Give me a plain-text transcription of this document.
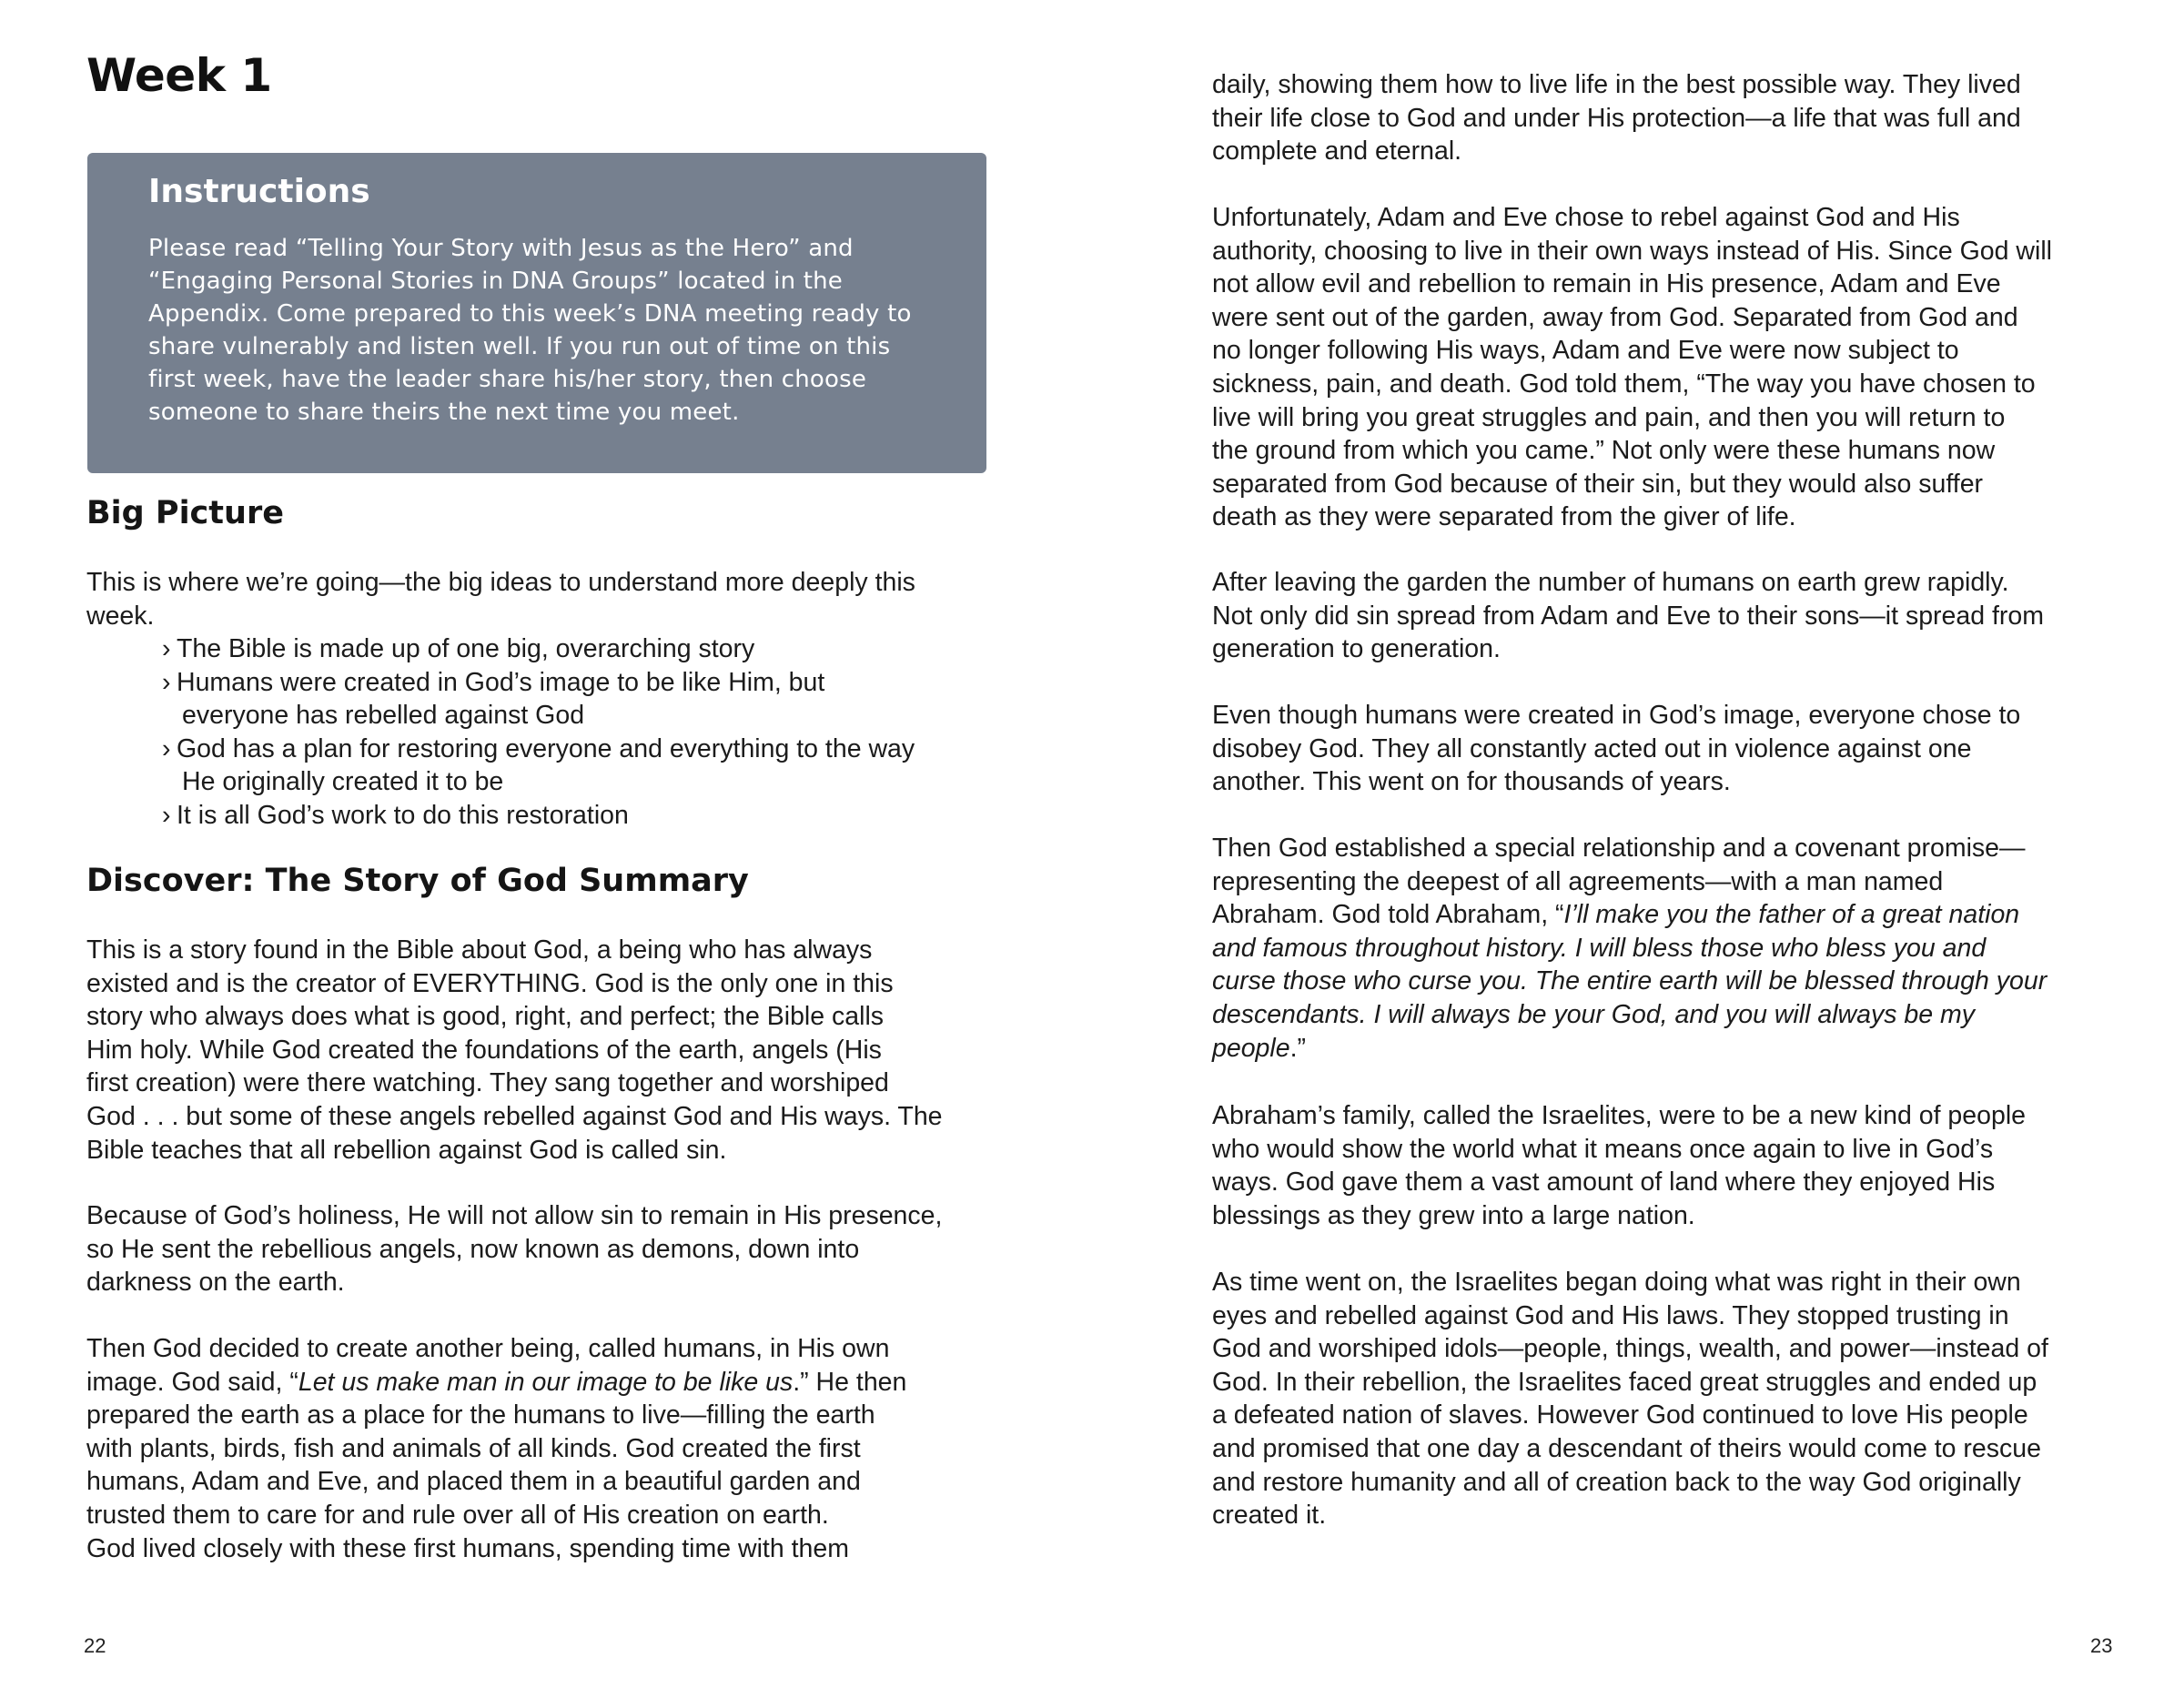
Week 1
Instructions
Please read “Telling Your Story with Jesus as the Hero” and
“Engaging Personal Stories in DNA Groups” located in the
Appendix. Come prepared to this week’s DNA meeting ready to
share vulnerably and listen well. If you run out of time on this
first week, have the leader share his/her story, then choose
someone to share theirs the next time you meet.
Big Picture
This is where we’re going—the big ideas to understand more deeply this
week.
› The Bible is made up of one big, overarching story
› Humans were created in God’s image to be like Him, but
everyone has rebelled against God
› God has a plan for restoring everyone and everything to the way
He originally created it to be
› It is all God’s work to do this restoration
Discover: The Story of God Summary
This is a story found in the Bible about God, a being who has always
existed and is the creator of EVERYTHING. God is the only one in this
story who always does what is good, right, and perfect; the Bible calls
Him holy. While God created the foundations of the earth, angels (His
first creation) were there watching. They sang together and worshiped
God . . . but some of these angels rebelled against God and His ways. The
Bible teaches that all rebellion against God is called sin.
Because of God’s holiness, He will not allow sin to remain in His presence,
so He sent the rebellious angels, now known as demons, down into
darkness on the earth.
Then God decided to create another being, called humans, in His own
image. God said, “Let us make man in our image to be like us.” He then
prepared the earth as a place for the humans to live—filling the earth
with plants, birds, fish and animals of all kinds. God created the first
humans, Adam and Eve, and placed them in a beautiful garden and
trusted them to care for and rule over all of His creation on earth.
God lived closely with these first humans, spending time with them
22
daily, showing them how to live life in the best possible way. They lived
their life close to God and under His protection—a life that was full and
complete and eternal.
Unfortunately, Adam and Eve chose to rebel against God and His
authority, choosing to live in their own ways instead of His. Since God will
not allow evil and rebellion to remain in His presence, Adam and Eve
were sent out of the garden, away from God. Separated from God and
no longer following His ways, Adam and Eve were now subject to
sickness, pain, and death. God told them, “The way you have chosen to
live will bring you great struggles and pain, and then you will return to
the ground from which you came.” Not only were these humans now
separated from God because of their sin, but they would also suffer
death as they were separated from the giver of life.
After leaving the garden the number of humans on earth grew rapidly.
Not only did sin spread from Adam and Eve to their sons—it spread from
generation to generation.
Even though humans were created in God’s image, everyone chose to
disobey God. They all constantly acted out in violence against one
another. This went on for thousands of years.
Then God established a special relationship and a covenant promise—
representing the deepest of all agreements—with a man named
Abraham. God told Abraham, “I’ll make you the father of a great nation
and famous throughout history. I will bless those who bless you and
curse those who curse you. The entire earth will be blessed through your
descendants. I will always be your God, and you will always be my
people.”
Abraham’s family, called the Israelites, were to be a new kind of people
who would show the world what it means once again to live in God’s
ways. God gave them a vast amount of land where they enjoyed His
blessings as they grew into a large nation.
As time went on, the Israelites began doing what was right in their own
eyes and rebelled against God and His laws. They stopped trusting in
God and worshiped idols—people, things, wealth, and power—instead of
God. In their rebellion, the Israelites faced great struggles and ended up
a defeated nation of slaves. However God continued to love His people
and promised that one day a descendant of theirs would come to rescue
and restore humanity and all of creation back to the way God originally
created it.
23
